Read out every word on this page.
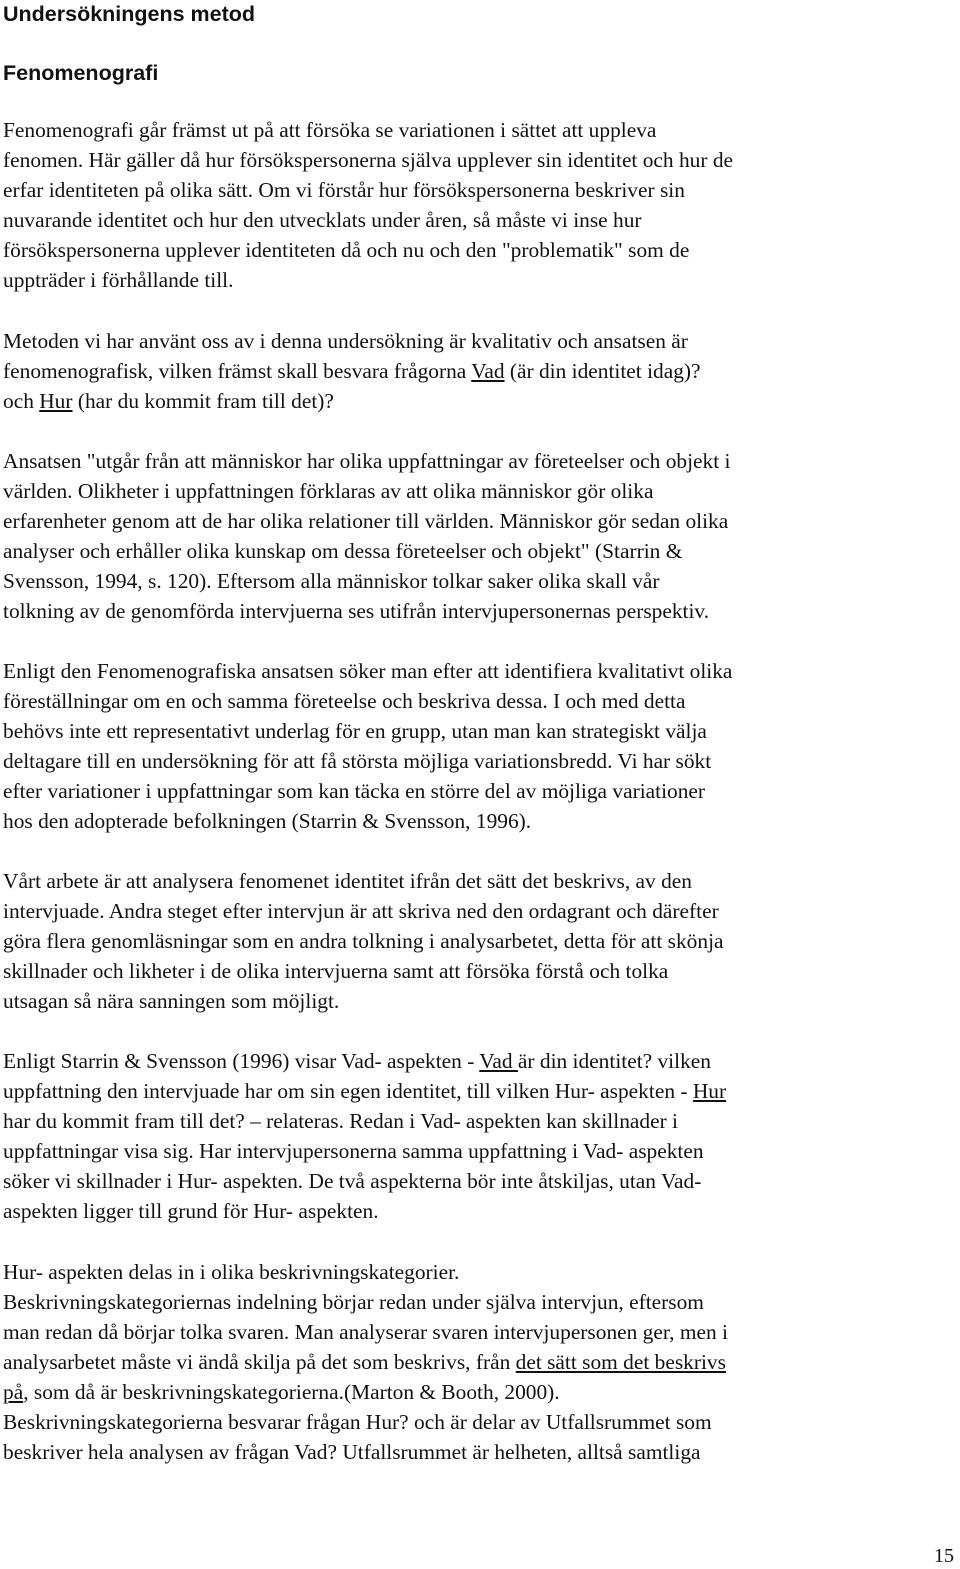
Undersökningens metod
Fenomenografi

Fenomenografi går främst ut på att försöka se variationen i sättet att uppleva

fenomen. Här gäller då hur försökspersonerna själva upplever sin identitet och hur de

erfar identiteten på olika sätt. Om vi förstår hur försökspersonerna beskriver sin

nuvarande identitet och hur den utvecklats under åren, så måste vi inse hur

försökspersonerna upplever identiteten då och nu och den "problematik" som de

uppträder i förhållande till.

Metoden vi har använt oss av i denna undersökning är kvalitativ och ansatsen är

fenomenografisk, vilken främst skall besvara frågorna Vad (är din identitet idag)?

och Hur (har du kommit fram till det)?

Ansatsen "utgår från att människor har olika uppfattningar av företeelser och objekt i

världen. Olikheter i uppfattningen förklaras av att olika människor gör olika

erfarenheter genom att de har olika relationer till världen. Människor gör sedan olika

analyser och erhåller olika kunskap om dessa företeelser och objekt" (Starrin &

Svensson, 1994, s. 120). Eftersom alla människor tolkar saker olika skall vår

tolkning av de genomförda intervjuerna ses utifrån intervjupersonernas perspektiv.

Enligt den Fenomenografiska ansatsen söker man efter att identifiera kvalitativt olika

föreställningar om en och samma företeelse och beskriva dessa. I och med detta

behövs inte ett representativt underlag för en grupp, utan man kan strategiskt välja

deltagare till en undersökning för att få största möjliga variationsbredd. Vi har sökt

efter variationer i uppfattningar som kan täcka en större del av möjliga variationer

hos den adopterade befolkningen (Starrin & Svensson, 1996).

Vårt arbete är att analysera fenomenet identitet ifrån det sätt det beskrivs, av den

intervjuade. Andra steget efter intervjun är att skriva ned den ordagrant och därefter

göra flera genomläsningar som en andra tolkning i analysarbetet, detta för att skönja

skillnader och likheter i de olika intervjuerna samt att försöka förstå och tolka

utsagan så nära sanningen som möjligt.

Enligt Starrin & Svensson (1996) visar Vad- aspekten - Vad är din identitet? vilken

uppfattning den intervjuade har om sin egen identitet, till vilken Hur- aspekten - Hur

har du kommit fram till det? – relateras. Redan i Vad- aspekten kan skillnader i

uppfattningar visa sig. Har intervjupersonerna samma uppfattning i Vad- aspekten

söker vi skillnader i Hur- aspekten. De två aspekterna bör inte åtskiljas, utan Vad-

aspekten ligger till grund för Hur- aspekten.

Hur- aspekten delas in i olika beskrivningskategorier.

Beskrivningskategoriernas indelning börjar redan under själva intervjun, eftersom

man redan då börjar tolka svaren. Man analyserar svaren intervjupersonen ger, men i

analysarbetet måste vi ändå skilja på det som beskrivs, från det sätt som det beskrivs

på, som då är beskrivningskategorierna.(Marton & Booth, 2000).

Beskrivningskategorierna besvarar frågan Hur? och är delar av Utfallsrummet som

beskriver hela analysen av frågan Vad? Utfallsrummet är helheten, alltså samtliga

15
